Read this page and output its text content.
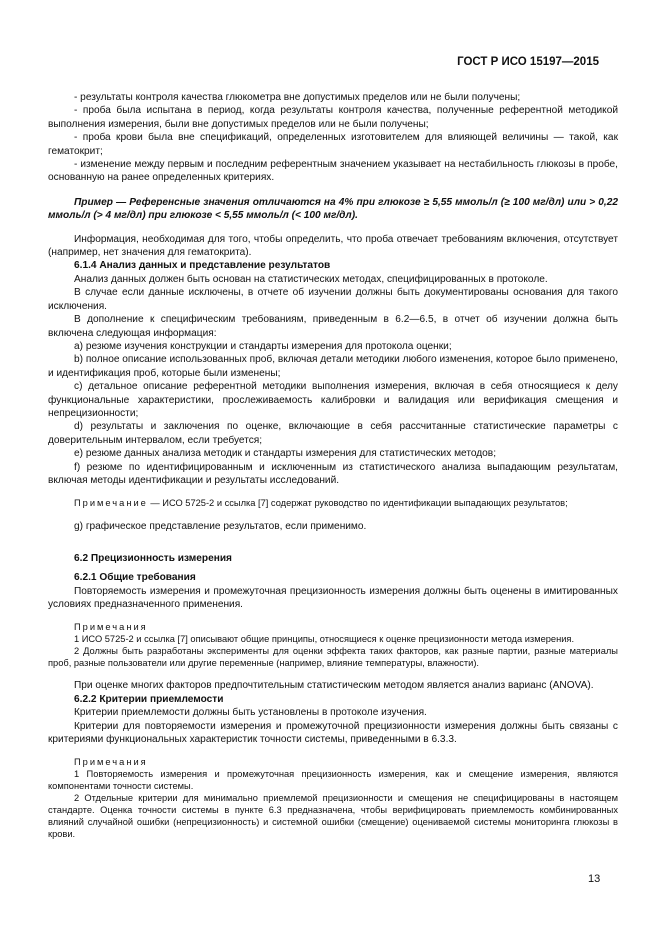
ГОСТ Р ИСО 15197—2015

- результаты контроля качества глюкометра вне допустимых пределов или не были получены;

- проба была испытана в период, когда результаты контроля качества, полученные референтной методикой выполнения измерения, были вне допустимых пределов или не были получены;

- проба крови была вне спецификаций, определенных изготовителем для влияющей величины — такой, как гематокрит;

- изменение между первым и последним референтным значением указывает на нестабильность глюкозы в пробе, основанную на ранее определенных критериях.

Пример — Референсные значения отличаются на 4% при глюкозе ≥ 5,55 ммоль/л (≥ 100 мг/дл) или > 0,22 ммоль/л (> 4 мг/дл) при глюкозе < 5,55 ммоль/л (< 100 мг/дл).

Информация, необходимая для того, чтобы определить, что проба отвечает требованиям включения, отсутствует (например, нет значения для гематокрита).

6.1.4 Анализ данных и представление результатов

Анализ данных должен быть основан на статистических методах, специфицированных в протоколе.

В случае если данные исключены, в отчете об изучении должны быть документированы основания для такого исключения.

В дополнение к специфическим требованиям, приведенным в 6.2—6.5, в отчет об изучении должна быть включена следующая информация:

a) резюме изучения конструкции и стандарты измерения для протокола оценки;

b) полное описание использованных проб, включая детали методики любого изменения, которое было применено, и идентификация проб, которые были изменены;

c) детальное описание референтной методики выполнения измерения, включая в себя относящиеся к делу функциональные характеристики, прослеживаемость калибровки и валидация или верификация смещения и непрецизионности;

d) результаты и заключения по оценке, включающие в себя рассчитанные статистические параметры с доверительным интервалом, если требуется;

e) резюме данных анализа методик и стандарты измерения для статистических методов;

f) резюме по идентифицированным и исключенным из статистического анализа выпадающим результатам, включая методы идентификации и результаты исследований.

Примечание — ИСО 5725-2 и ссылка [7] содержат руководство по идентификации выпадающих результатов;

g) графическое представление результатов, если применимо.

6.2 Прецизионность измерения

6.2.1 Общие требования

Повторяемость измерения и промежуточная прецизионность измерения должны быть оценены в имитированных условиях предназначенного применения.

Примечания

1 ИСО 5725-2 и ссылка [7] описывают общие принципы, относящиеся к оценке прецизионности метода измерения.

2 Должны быть разработаны эксперименты для оценки эффекта таких факторов, как разные партии, разные материалы проб, разные пользователи или другие переменные (например, влияние температуры, влажности).

При оценке многих факторов предпочтительным статистическим методом является анализ варианс (ANOVA).

6.2.2 Критерии приемлемости

Критерии приемлемости должны быть установлены в протоколе изучения.

Критерии для повторяемости измерения и промежуточной прецизионности измерения должны быть связаны с критериями функциональных характеристик точности системы, приведенными в 6.3.3.

Примечания

1 Повторяемость измерения и промежуточная прецизионность измерения, как и смещение измерения, являются компонентами точности системы.

2 Отдельные критерии для минимально приемлемой прецизионности и смещения не специфицированы в настоящем стандарте. Оценка точности системы в пункте 6.3 предназначена, чтобы верифицировать приемлемость комбинированных влияний случайной ошибки (непрецизионность) и системной ошибки (смещение) оцениваемой системы мониторинга глюкозы в крови.

13
